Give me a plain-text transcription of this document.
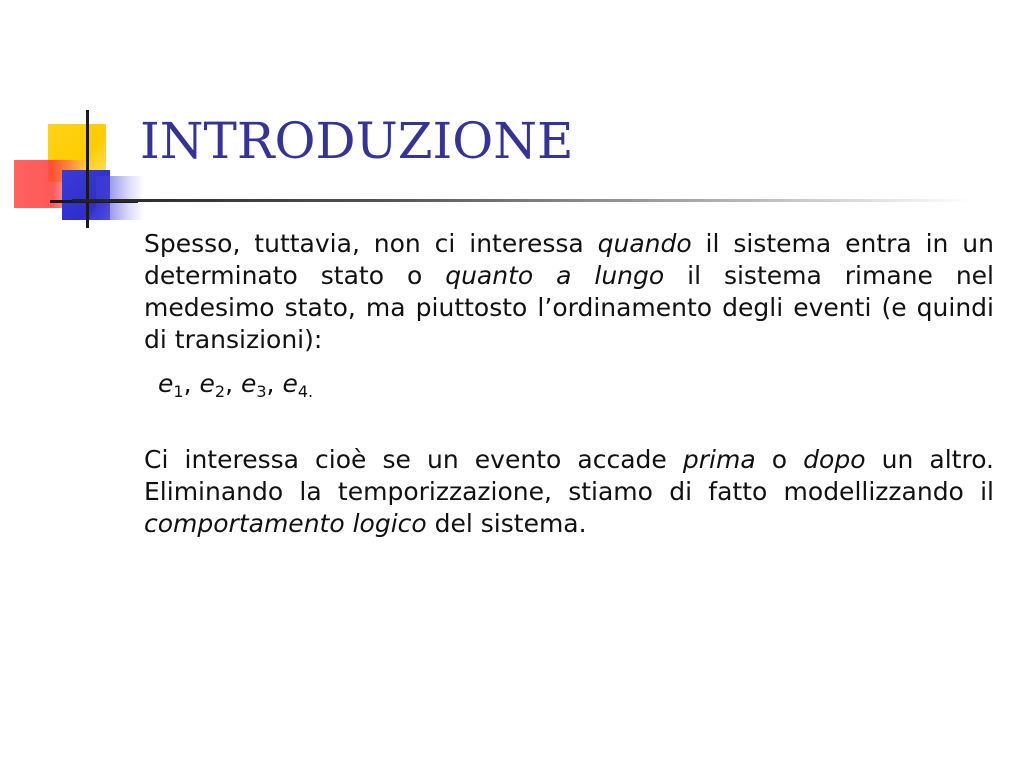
INTRODUZIONE

Spesso, tuttavia, non ci interessa quando il sistema entra in un determinato stato o quanto a lungo il sistema rimane nel medesimo stato, ma piuttosto l’ordinamento degli eventi (e quindi di transizioni):

$e_1$, $e_2$, $e_3$, $e_{4.}$

Ci interessa cioè se un evento accade prima o dopo un altro. Eliminando la temporizzazione, stiamo di fatto modellizzando il comportamento logico del sistema.
